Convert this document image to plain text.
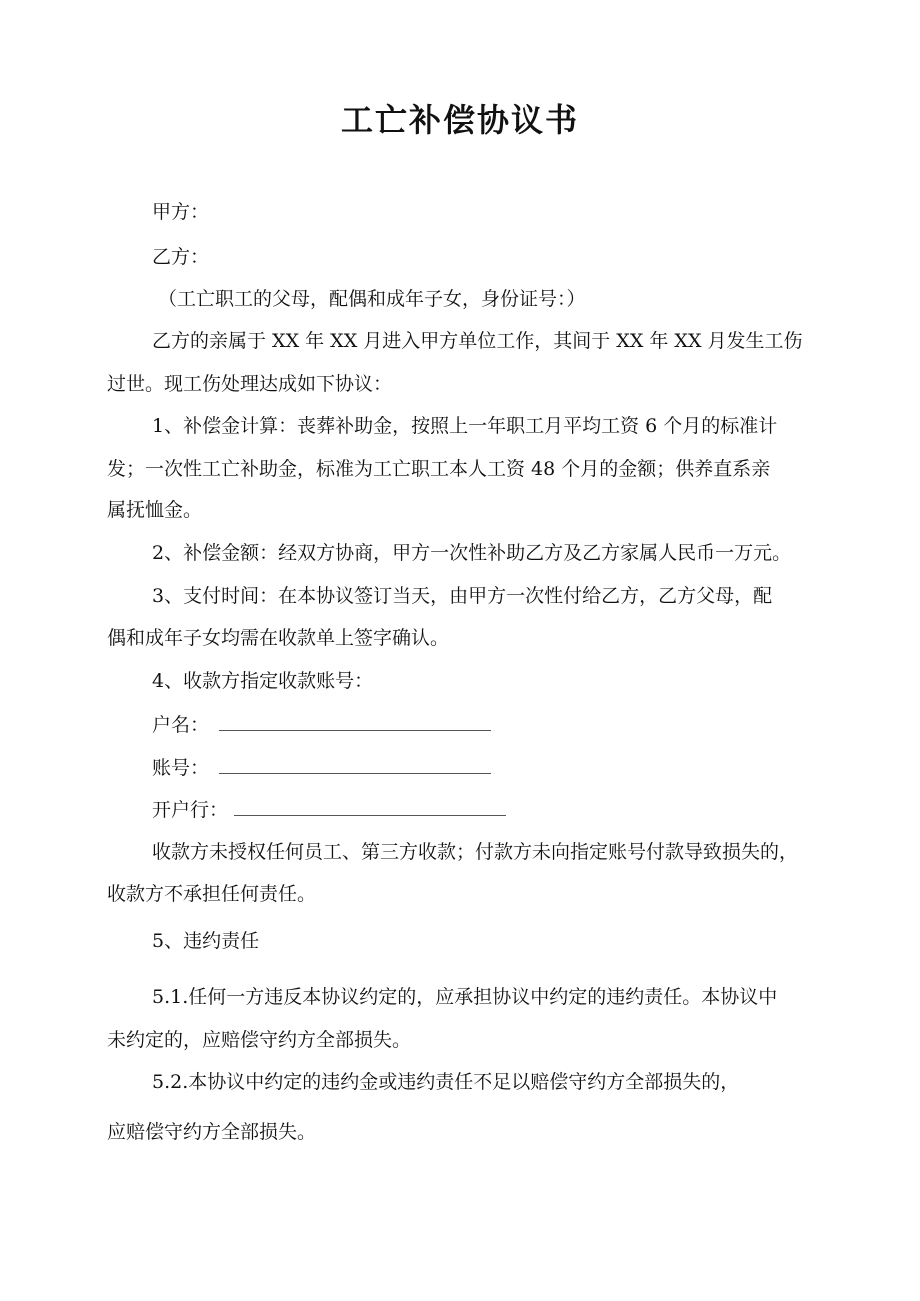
工亡补偿协议书
甲方：
乙方：
（工亡职工的父母，配偶和成年子女，身份证号：）
乙方的亲属于 XX 年 XX 月进入甲方单位工作，其间于 XX 年 XX 月发生工伤
过世。现工伤处理达成如下协议：
1、补偿金计算：丧葬补助金，按照上一年职工月平均工资 6 个月的标准计
发；一次性工亡补助金，标准为工亡职工本人工资 48 个月的金额；供养直系亲
属抚恤金。
2、补偿金额：经双方协商，甲方一次性补助乙方及乙方家属人民币一万元。
3、支付时间：在本协议签订当天，由甲方一次性付给乙方，乙方父母，配
偶和成年子女均需在收款单上签字确认。
4、收款方指定收款账号：
户名：
账号：
开户行：
收款方未授权任何员工、第三方收款；付款方未向指定账号付款导致损失的，
收款方不承担任何责任。
5、违约责任
5.1.任何一方违反本协议约定的，应承担协议中约定的违约责任。本协议中
未约定的，应赔偿守约方全部损失。
5.2.本协议中约定的违约金或违约责任不足以赔偿守约方全部损失的，
应赔偿守约方全部损失。
